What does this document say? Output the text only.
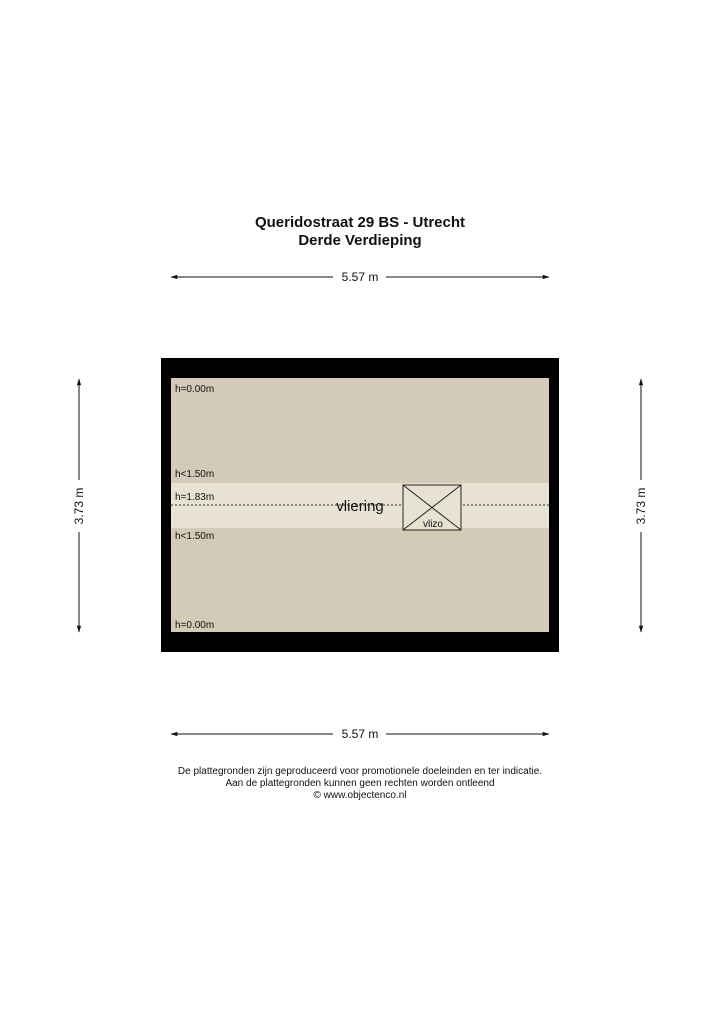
Queridostraat 29 BS - Utrecht
Derde Verdieping
5.57 m
5.57 m
3.73 m	3.73 m
vlizo
vliering
h=0.00m
h<1.50m
h=1.83m
h<1.50m
h=0.00m
De plattegronden zijn geproduceerd voor promotionele doeleinden en ter indicatie.
Aan de plattegronden kunnen geen rechten worden ontleend
© www.objectenco.nl
